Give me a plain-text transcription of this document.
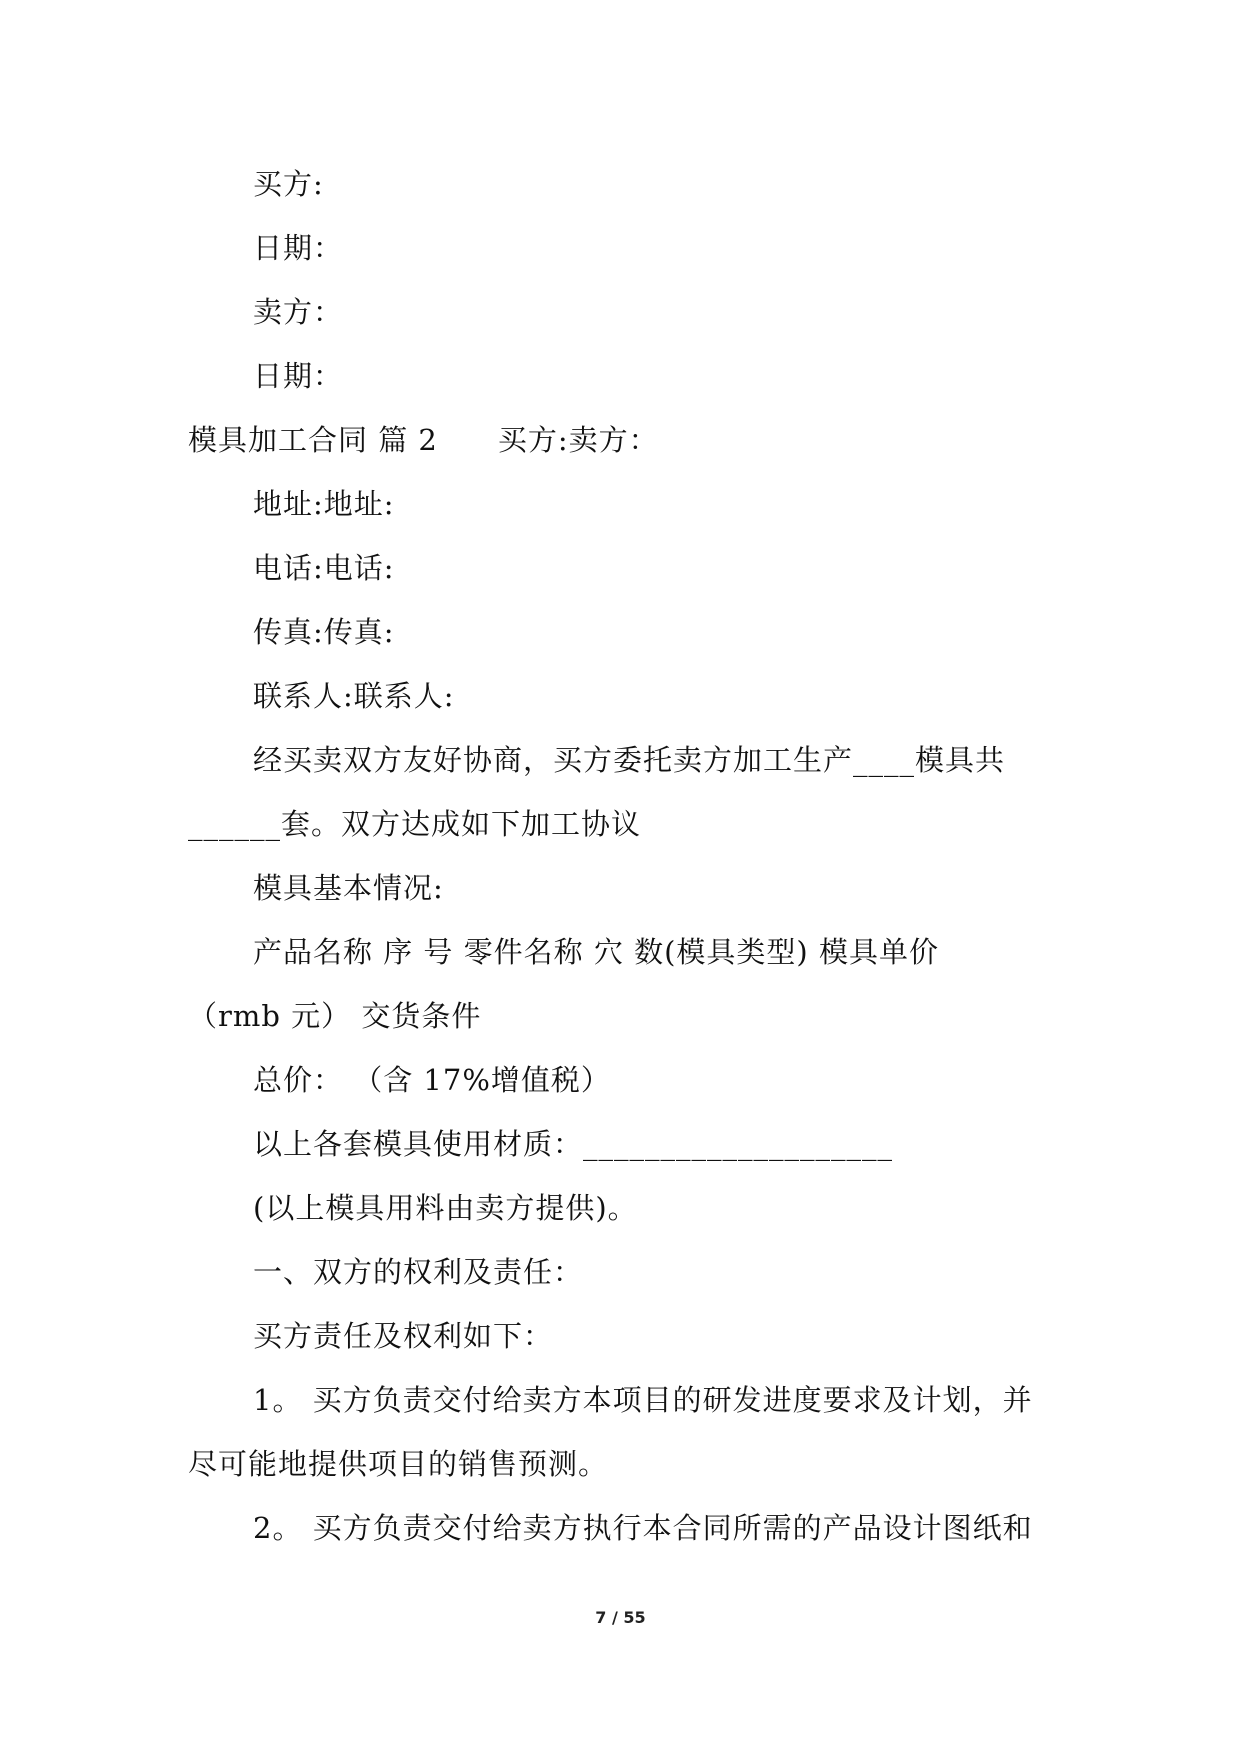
买方:
日期：
卖方：
日期：
模具加工合同 篇 2　　买方:卖方：
地址:地址:
电话:电话:
传真:传真:
联系人:联系人:
经买卖双方友好协商，买方委托卖方加工生产____模具共
______套。双方达成如下加工协议
模具基本情况:
产品名称 序 号 零件名称 穴 数(模具类型) 模具单价
（rmb 元） 交货条件
总价： （含 17%增值税）
以上各套模具使用材质：____________________
(以上模具用料由卖方提供)。
一、双方的权利及责任：
买方责任及权利如下：
1。 买方负责交付给卖方本项目的研发进度要求及计划，并
尽可能地提供项目的销售预测。
2。 买方负责交付给卖方执行本合同所需的产品设计图纸和
7 / 55
